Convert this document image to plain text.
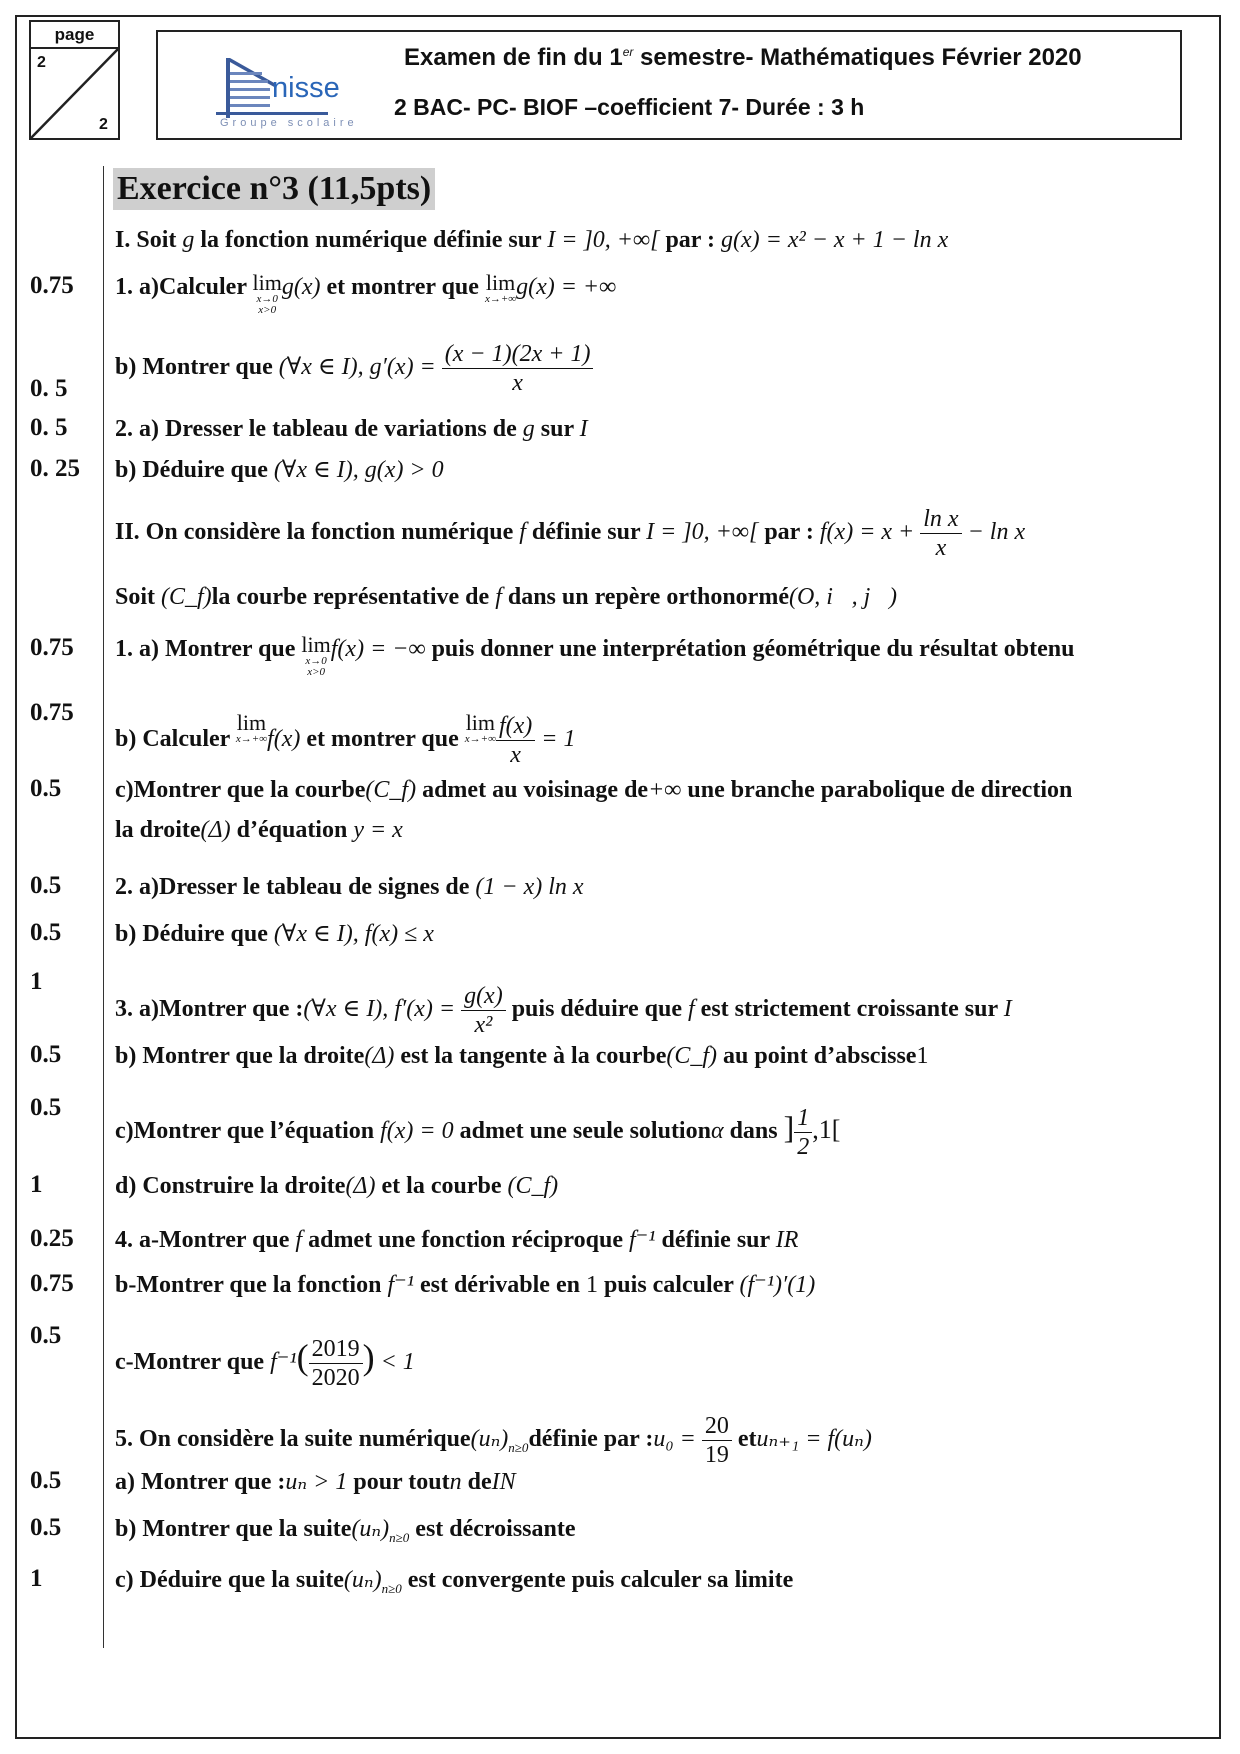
page
2
2
nisse
Groupe scolaire
Examen de fin du 1er semestre- Mathématiques Février 2020
2 BAC- PC- BIOF –coefficient 7- Durée : 3 h
Exercice n°3 (11,5pts)
0.75
0. 5
0. 5
0. 25
0.75
0.75
0.5
0.5
0.5
1
0.5
0.5
1
0.25
0.75
0.5
0.5
0.5
1
I. Soit g la fonction numérique définie sur I = ]0, +∞[ par : g(x) = x² − x + 1 − ln x
1. a)Calculer lim
x→0
x>0
g(x) et montrer que lim
x→+∞ g(x) = +∞
b) Montrer que (∀x ∈ I), $g'(x) = \frac{(x - 1)(2x + 1)}{x}$
2. a) Dresser le tableau de variations de g sur I
b) Déduire que (∀x ∈ I), g(x) > 0
II. On considère la fonction numérique f définie sur I = ]0, +∞[ par : $f(x) = x + \frac{\text{ln x}}{x} - \ln x$
Soit (C_f)la courbe représentative de f dans un repère orthonormé(O, i⃗, j⃗)
1. a) Montrer que lim
x→0
x>0
f(x) = −∞ puis donner une interprétation géométrique du résultat obtenu
b) Calculer
lim
x→+∞ f(x) et montrer que
lim
$x\to+\infty \frac{f(x)}{x} = 1$
c)Montrer que la courbe(C_f) admet au voisinage de+∞ une branche parabolique de direction
la droite(Δ) d’équation y = x
2. a)Dresser le tableau de signes de (1 − x) ln x
b) Déduire que (∀x ∈ I), f(x) ≤ x
3. a)Montrer que :(∀x ∈ I), $f'(x) = \frac{g(x)}{\text{x²}}$ puis déduire que f est strictement croissante sur I
b) Montrer que la droite(Δ) est la tangente à la courbe(C_f) au point d’abscisse1
c)Montrer que l’équation f(x) = 0 admet une seule solutionα dans ] $\frac{1}{2} ,1$[
d) Construire la droite(Δ) et la courbe (C_f)
4. a-Montrer que f admet une fonction réciproque f⁻¹ définie sur IR
b-Montrer que la fonction f⁻¹ est dérivable en 1 puis calculer (f⁻¹)′(1)
c-Montrer que $f^{-1}( \frac{2019}{2020}$ ) < 1
5. On considère la suite $numérique(u_n)_{n\ge 0}définie$ par :u₀ = $\frac{20}{19} etu_{n+1} = f(u_n)$
a) Montrer que :uₙ > 1 pour toutn deIN
b) Montrer que la $suite(u_n)_{n\ge 0}$ est décroissante
c) Déduire que la $suite(u_n)_{n\ge 0}$ est convergente puis calculer sa limite
